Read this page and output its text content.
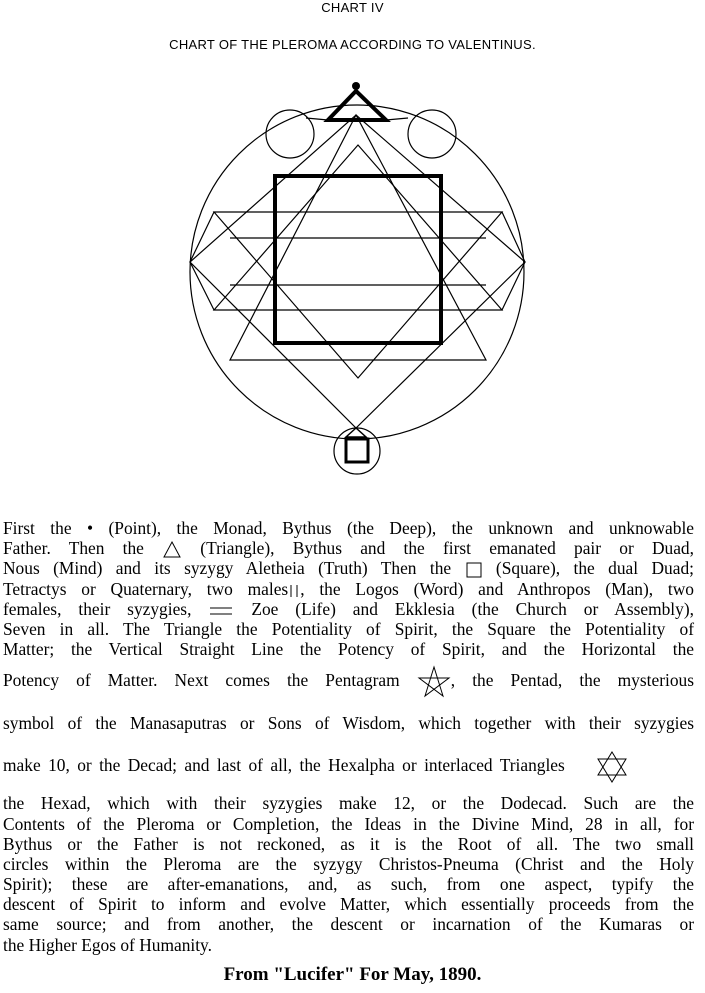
CHART IV
CHART OF THE PLEROMA ACCORDING TO VALENTINUS.
First the • (Point), the Monad, Bythus (the Deep), the unknown and unknowable
Father. Then the	(Triangle), Bythus and the first emanated pair or Duad,
Nous (Mind) and its syzygy Aletheia (Truth) Then the	(Square), the dual Duad;
Tetractys or Quaternary, two males , the Logos (Word) and Anthropos (Man), two
females, their syzygies,	Zoe (Life) and Ekklesia (the Church or Assembly),
Seven in all. The Triangle the Potentiality of Spirit, the Square the Potentiality of
Matter; the Vertical Straight Line the Potency of Spirit, and the Horizontal the
Potency of Matter. Next comes the Pentagram	, the Pentad, the mysterious
symbol of the Manasaputras or Sons of Wisdom, which together with their syzygies
make 10, or the Decad; and last of all, the Hexalpha or interlaced Triangles
the Hexad, which with their syzygies make 12, or the Dodecad. Such are the
Contents of the Pleroma or Completion, the Ideas in the Divine Mind, 28 in all, for
Bythus or the Father is not reckoned, as it is the Root of all. The two small
circles within the Pleroma are the syzygy Christos-Pneuma (Christ and the Holy
Spirit); these are after-emanations, and, as such, from one aspect, typify the
descent of Spirit to inform and evolve Matter, which essentially proceeds from the
same source; and from another, the descent or incarnation of the Kumaras or
the Higher Egos of Humanity.
From "Lucifer" For May, 1890.
